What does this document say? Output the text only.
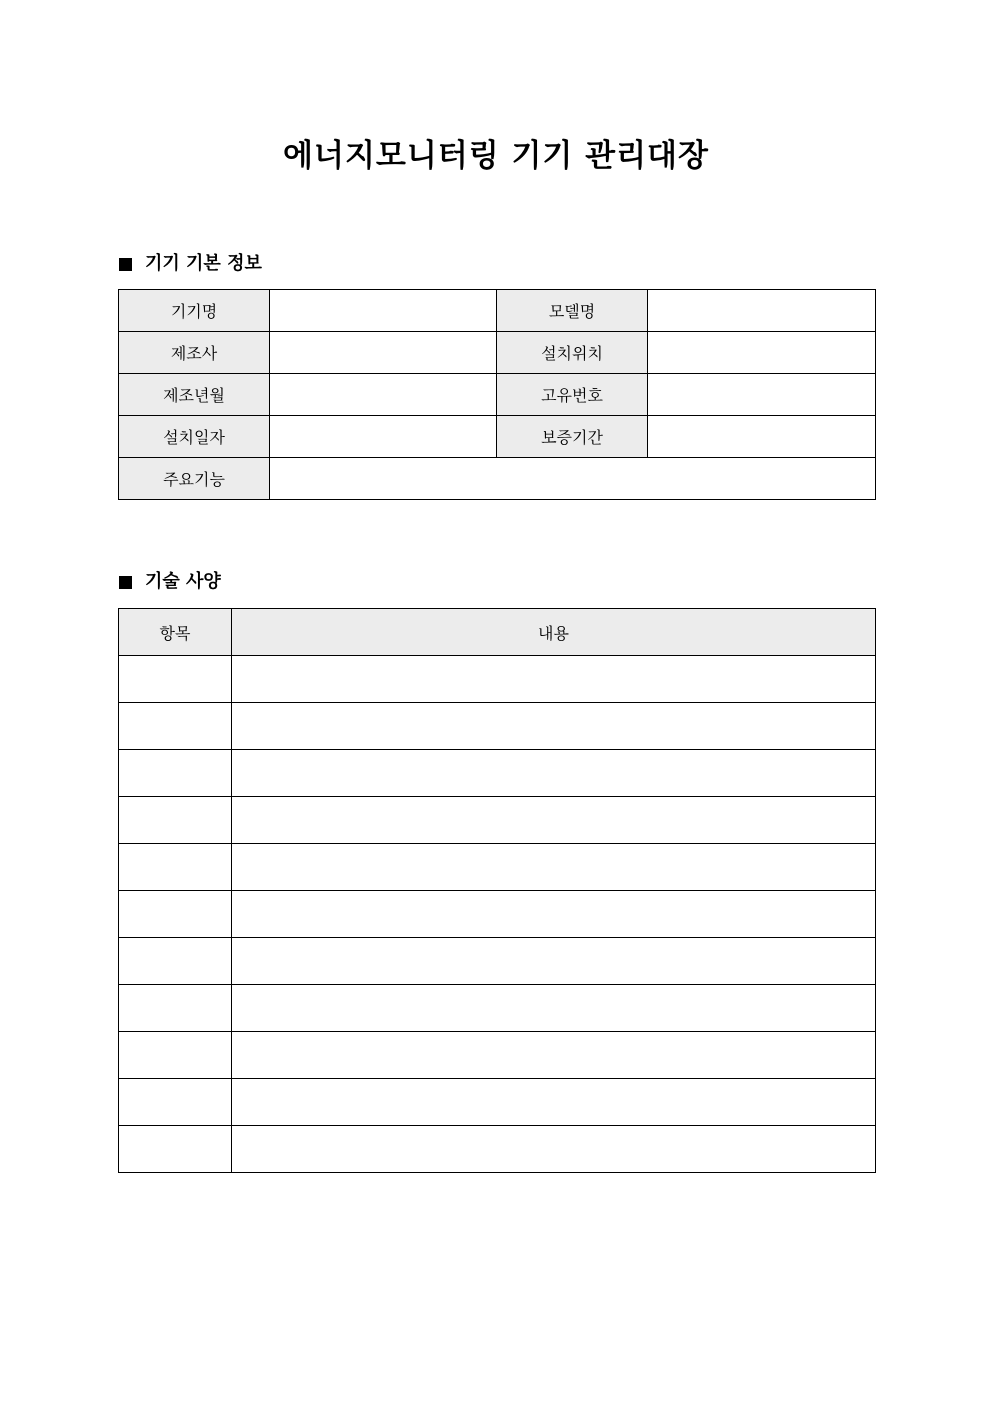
에너지모니터링 기기 관리대장
기기 기본 정보
기기명		모델명	
제조사		설치위치	
제조년월		고유번호	
설치일자		보증기간	
주요기능			
기술 사양
항목	내용
